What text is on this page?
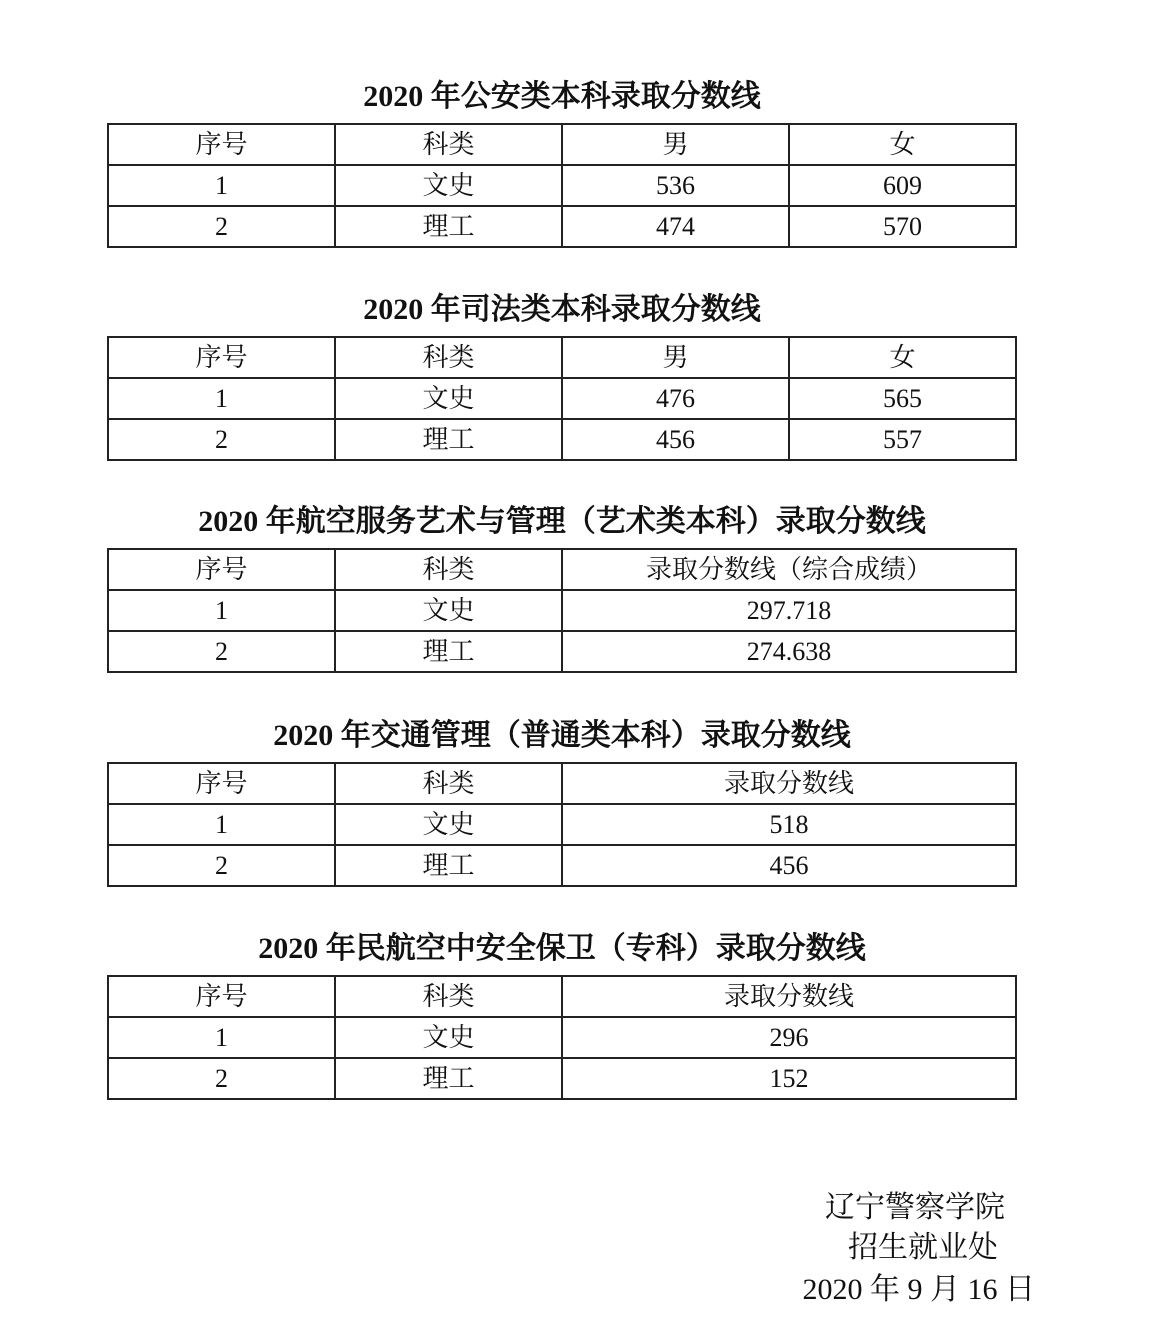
2020 年公安类本科录取分数线
序号	科类	男	女
1	文史	536	609
2	理工	474	570
2020 年司法类本科录取分数线
序号	科类	男	女
1	文史	476	565
2	理工	456	557
2020 年航空服务艺术与管理（艺术类本科）录取分数线
序号	科类	录取分数线（综合成绩）
1	文史	297.718
2	理工	274.638
2020 年交通管理（普通类本科）录取分数线
序号	科类	录取分数线
1	文史	518
2	理工	456
2020 年民航空中安全保卫（专科）录取分数线
序号	科类	录取分数线
1	文史	296
2	理工	152
辽宁警察学院
招生就业处
2020 年 9 月 16 日
